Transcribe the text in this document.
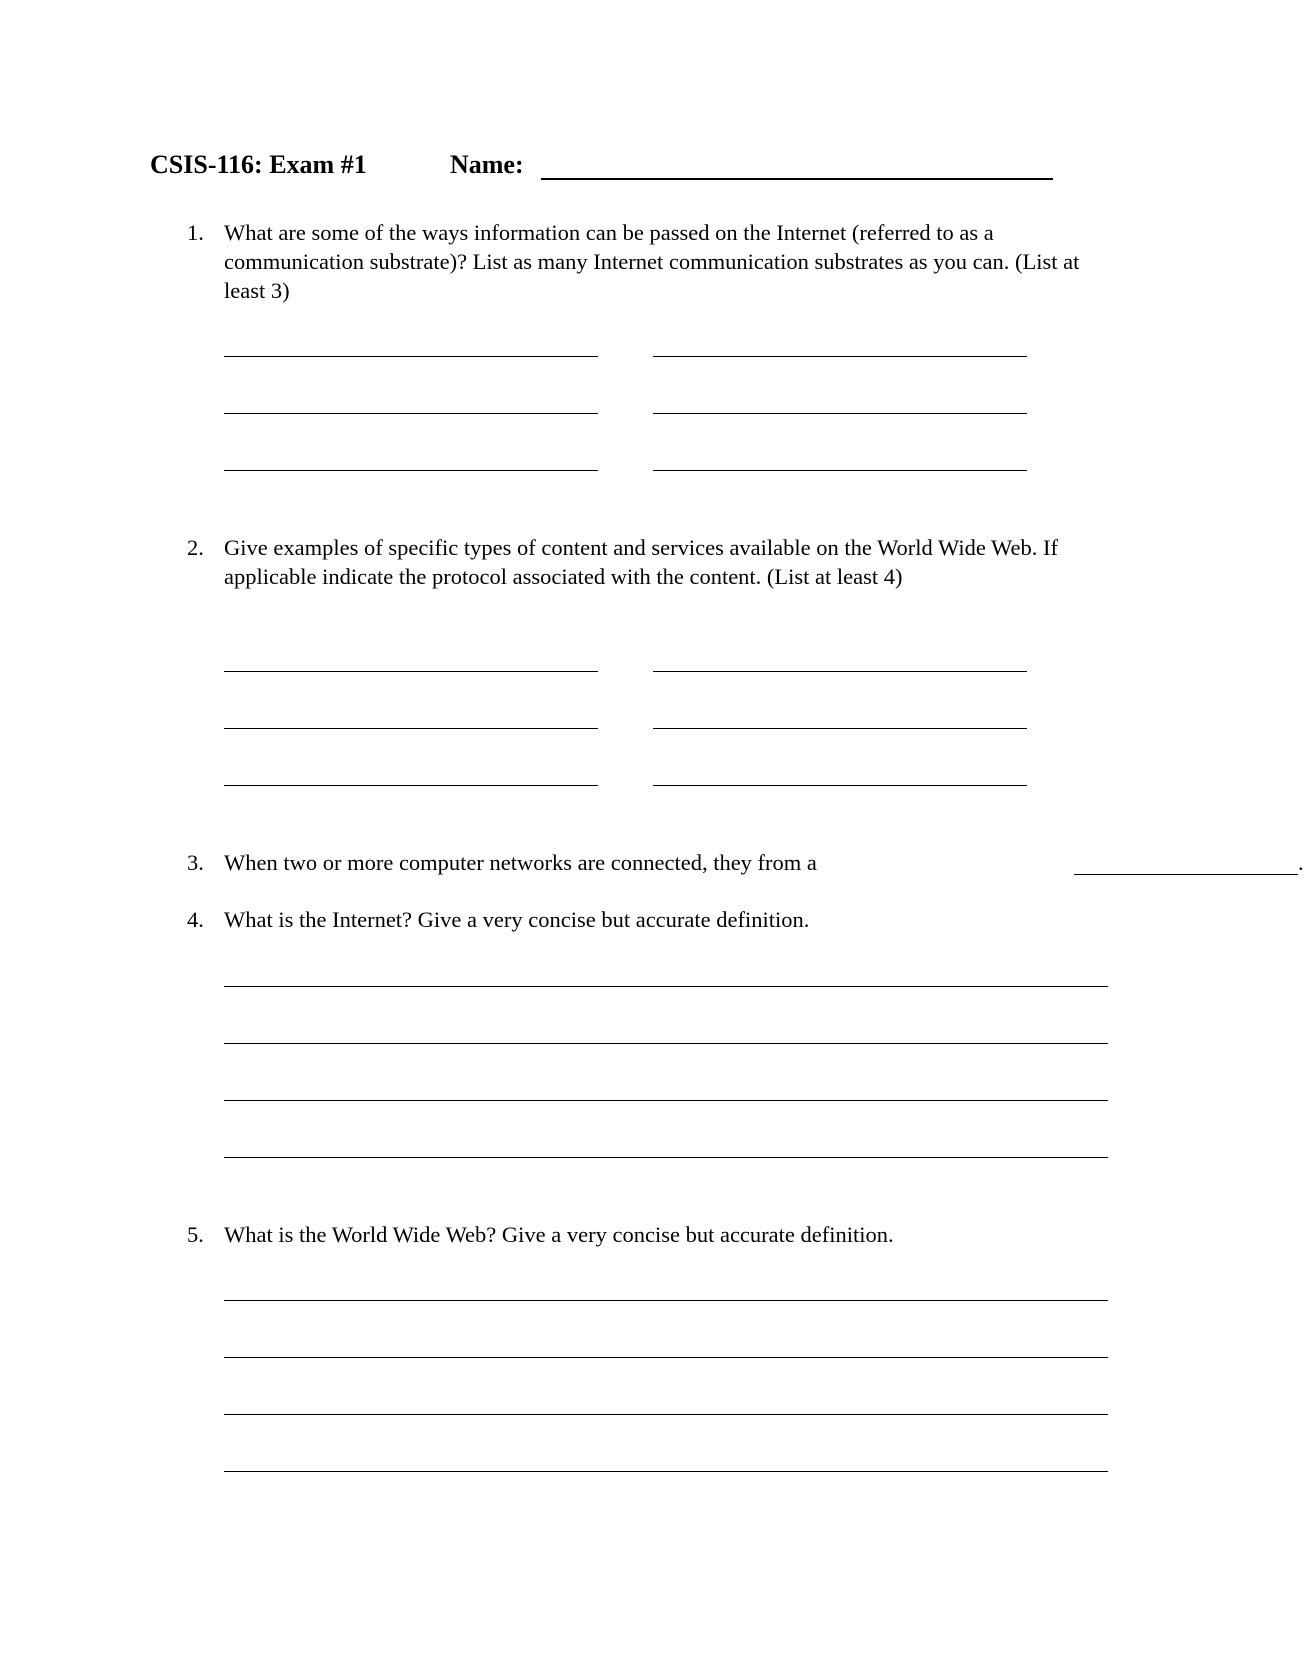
CSIS-116: Exam #1	Name:
1. What are some of the ways information can be passed on the Internet (referred to as a communication substrate)? List as many Internet communication substrates as you can. (List at least 3)
2. Give examples of specific types of content and services available on the World Wide Web. If applicable indicate the protocol associated with the content. (List at least 4)
3. When two or more computer networks are connected, they from a	.
4. What is the Internet? Give a very concise but accurate definition.
5. What is the World Wide Web? Give a very concise but accurate definition.
